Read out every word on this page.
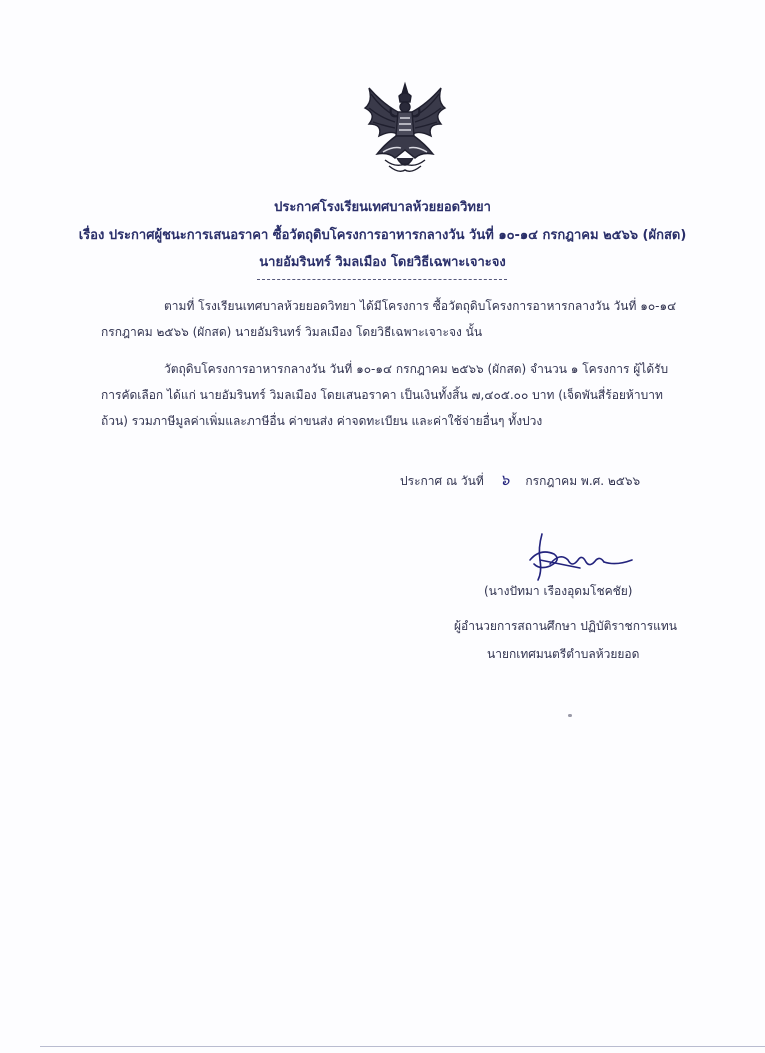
ประกาศโรงเรียนเทศบาลห้วยยอดวิทยา
เรื่อง ประกาศผู้ชนะการเสนอราคา ซื้อวัตถุดิบโครงการอาหารกลางวัน วันที่ ๑๐-๑๔ กรกฎาคม ๒๕๖๖ (ผักสด)
นายอัมรินทร์ วิมลเมือง โดยวิธีเฉพาะเจาะจง
ตามที่ โรงเรียนเทศบาลห้วยยอดวิทยา ได้มีโครงการ ซื้อวัตถุดิบโครงการอาหารกลางวัน วันที่ ๑๐-๑๔
กรกฎาคม ๒๕๖๖ (ผักสด) นายอัมรินทร์ วิมลเมือง โดยวิธีเฉพาะเจาะจง นั้น
วัตถุดิบโครงการอาหารกลางวัน วันที่ ๑๐-๑๔ กรกฎาคม ๒๕๖๖ (ผักสด) จำนวน ๑ โครงการ ผู้ได้รับ
การคัดเลือก ได้แก่ นายอัมรินทร์ วิมลเมือง โดยเสนอราคา เป็นเงินทั้งสิ้น ๗,๔๐๕.๐๐ บาท (เจ็ดพันสี่ร้อยห้าบาท
ถ้วน) รวมภาษีมูลค่าเพิ่มและภาษีอื่น ค่าขนส่ง ค่าจดทะเบียน และค่าใช้จ่ายอื่นๆ ทั้งปวง
ประกาศ ณ วันที่ ๖ กรกฎาคม พ.ศ. ๒๕๖๖
(นางปัทมา เรืองอุดมโชคชัย)
ผู้อำนวยการสถานศึกษา ปฏิบัติราชการแทน
นายกเทศมนตรีตำบลห้วยยอด
